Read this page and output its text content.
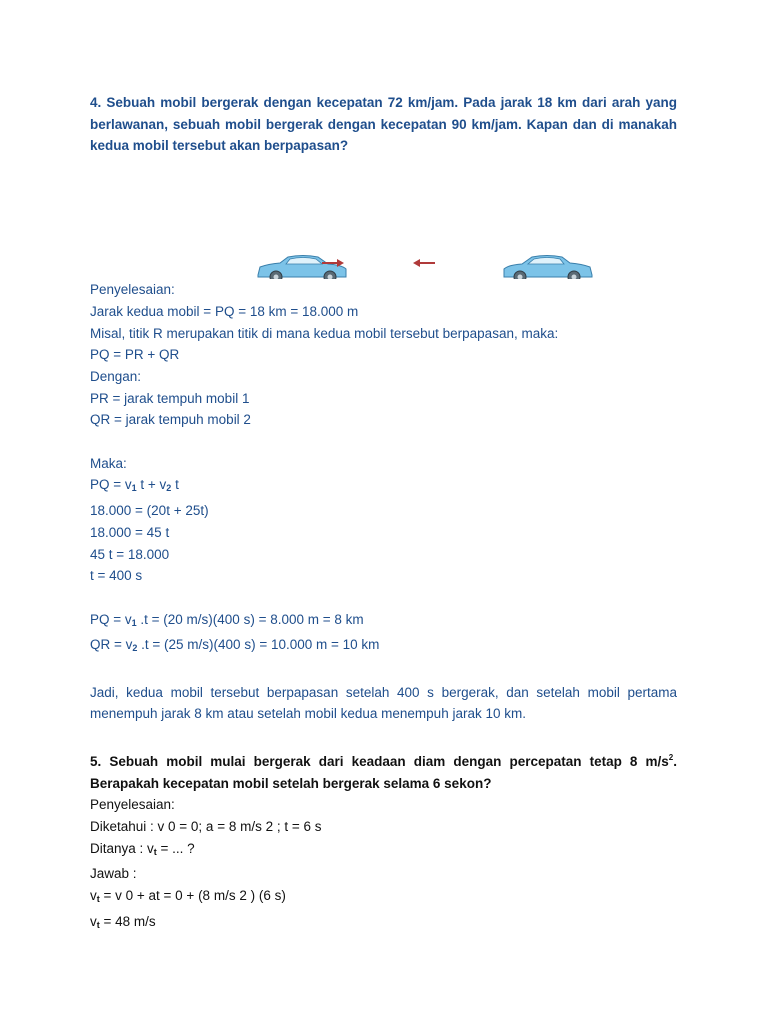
4. Sebuah mobil bergerak dengan kecepatan 72 km/jam. Pada jarak 18 km dari arah yang berlawanan, sebuah mobil bergerak dengan kecepatan 90 km/jam. Kapan dan di manakah kedua mobil tersebut akan berpapasan?
Penyelesaian:
Jarak kedua mobil = PQ = 18 km = 18.000 m
Misal, titik R merupakan titik di mana kedua mobil tersebut berpapasan, maka:
PQ = PR + QR
Dengan:
PR = jarak tempuh mobil 1
QR = jarak tempuh mobil 2
Maka:
PQ = $v_1$ $t + v_2$ t
18.000 = (20t + 25t)
18.000 = 45 t
45 t = 18.000
t = 400 s
PQ = $v_1$ .t = (20 m/s)(400 s) = 8.000 m = 8 km
QR = $v_2$ .t = (25 m/s)(400 s) = 10.000 m = 10 km
Jadi, kedua mobil tersebut berpapasan setelah 400 s bergerak, dan setelah mobil pertama menempuh jarak 8 km atau setelah mobil kedua menempuh jarak 10 km.
5. Sebuah mobil mulai bergerak dari keadaan diam dengan percepatan tetap 8 $m/s^2$. Berapakah kecepatan mobil setelah bergerak selama 6 sekon?
Penyelesaian:
Diketahui : v 0 = 0; a = 8 m/s 2 ; t = 6 s
Ditanya : $v_t$ = ... ?
Jawab :
$v_t = v$ 0 + at = 0 + (8 m/s 2 ) (6 s)
$v_t = 48$ m/s
